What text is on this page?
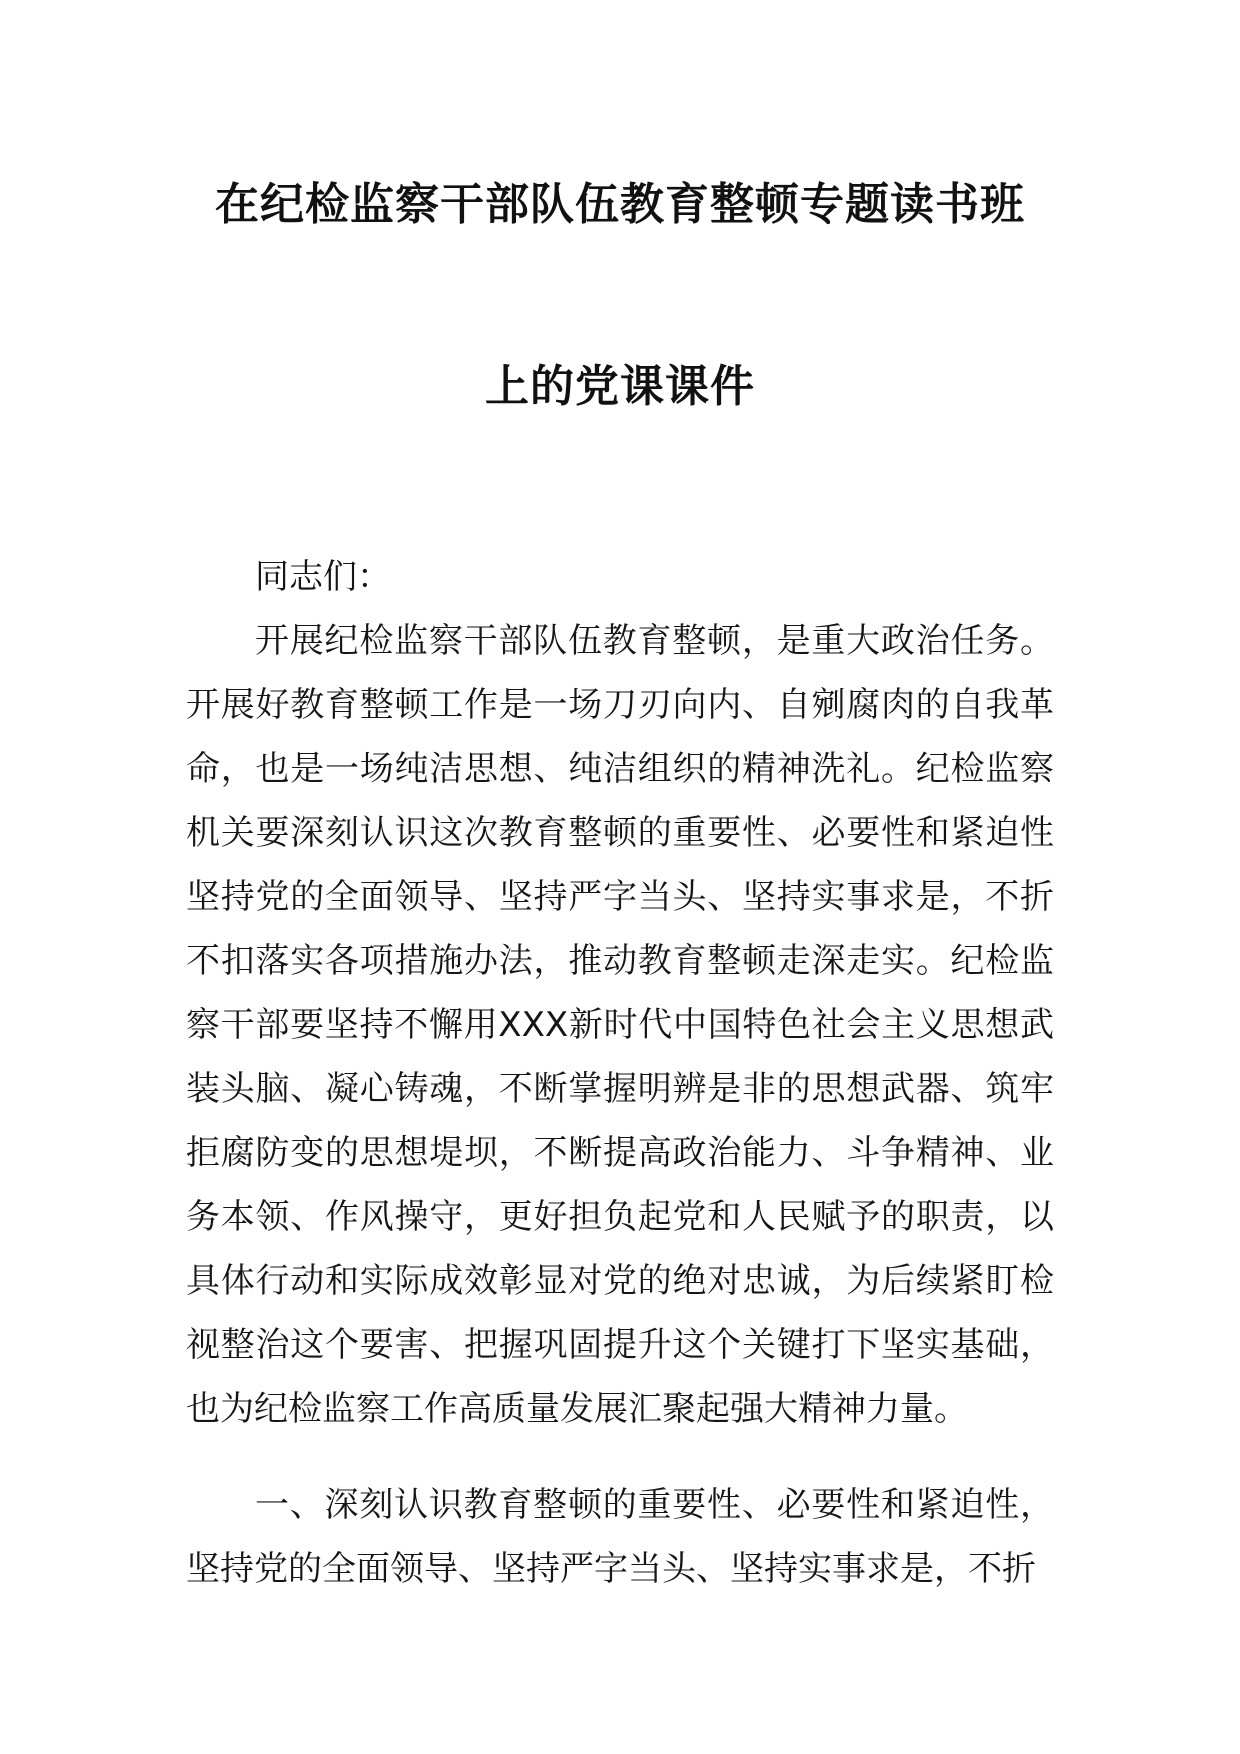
在纪检监察干部队伍教育整顿专题读书班
上的党课课件

同志们：

开展纪检监察干部队伍教育整顿，是重大政治任务。开展好教育整顿工作是一场刀刃向内、自剜腐肉的自我革命，也是一场纯洁思想、纯洁组织的精神洗礼。纪检监察机关要深刻认识这次教育整顿的重要性、必要性和紧迫性坚持党的全面领导、坚持严字当头、坚持实事求是，不折不扣落实各项措施办法，推动教育整顿走深走实。纪检监察干部要坚持不懈用XXX新时代中国特色社会主义思想武装头脑、凝心铸魂，不断掌握明辨是非的思想武器、筑牢拒腐防变的思想堤坝，不断提高政治能力、斗争精神、业务本领、作风操守，更好担负起党和人民赋予的职责，以具体行动和实际成效彰显对党的绝对忠诚，为后续紧盯检视整治这个要害、把握巩固提升这个关键打下坚实基础，也为纪检监察工作高质量发展汇聚起强大精神力量。

一、深刻认识教育整顿的重要性、必要性和紧迫性，坚持党的全面领导、坚持严字当头、坚持实事求是，不折
